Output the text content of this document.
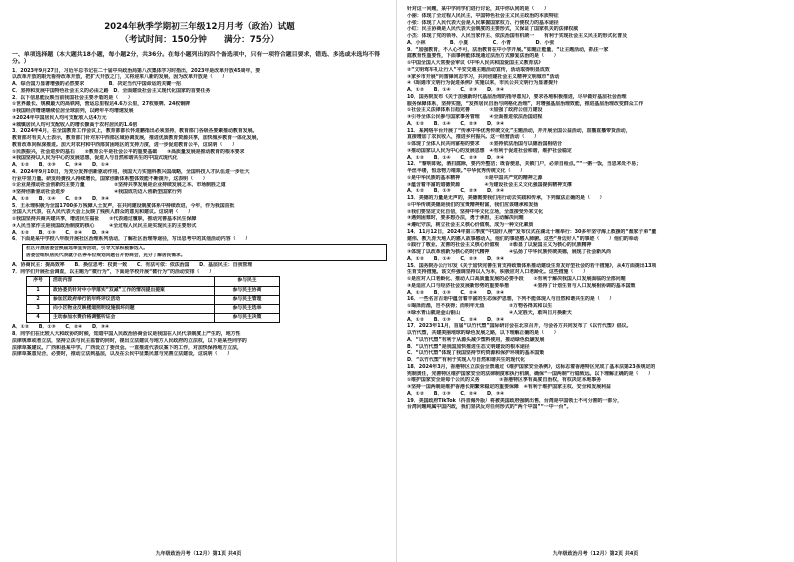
2024年秋季学期初三年级12月月考（政治）试题
（考试时间：150分钟　　满分：75分）
一、单项选择题（本大题共18小题，每小题2分，共36分。在每小题列出的四个备选项中，只有一项符合题目要求，错选、多选或未选均不得分。）
1．2023年9月27日，习近平总书记在二十届中央政治局第八次集体学习时指出，2023年是改革开放45周年，要
以改革开放的眼光看待改革开放，把扩大开放之门，又将迎来八新的发展，因为改革开放是（　　）
A．综合国力显著增强的必然要求　　　　　B．决定当代中国命运的关键一招
C．坚持和发展中国特色社会主义的必由之路　D．全面建设社会主义现代化国家的首要任务
2．以下信息能反映当前我国社会主要矛盾的是（　　）
①世界最长、规模最大的高铁网，营运总里程达4.6万公里，27枚银牌、24枚铜牌
②我国经济增速继续位居全球前列，以跨年平均增速发展
③2024年中国居民人均可支配收入达4万元
④城镇居民人均可支配收入的增长额高于农村居民的1.6倍
3．2024年4月，在全国教育工作会议上，教育部部长怀进鹏指出必须坚持，教育部门各级各要素推动教育发展。
教育部对有关人士表示，教育部门针对东中西部区域协调发展，推进优质教育资源共享，加快城乡教育一体化发展，
教育改革向纵深推进。加大对农村和中西部贫困地区的支持力度，进一步促进教育公平，这说明（　　）
①民族振兴，社会进步的基石　　②教育公平是社会公平的重要基础　　③高质量发展是推动教育的根本要求
④我国坚持以人民为中心的发展思想，促进人与自然和谐共生的中国式现代化
A．①②　　B．②③　　C．③④　　D．①④
4．2024年9月10日，为充分发挥创新驱动作用，我国大力实施科教兴国战略，全国科技人才队伍进一步壮大
行业中坚力量。研发经费投入持续增长，国家创新体系整体效能不断提升，这表明（　　）
①企业是推动社会创新的主要力量　　　　　　②坚持共享发展是企业持续发展之本、市场制胜之道
③坚持创新驱动社会进步　　　　　　　　　　④我国成功迈入创新型国家行列
A．①②　　B．①④　　C．②③　　D．③④
5．王永理积极为全国1700多万残障人士发声，在共同建设制度体系中持续改进，今年，作为我国首批
全国人大代表，在人民代表大会上反映了残疾人群众的意见和建议。这说明（　　）
①我国坚持共商共建共享，增进民生福祉　　②代表通过履职，推动完善基本民生保障
③人民当家作主是我国政治制度的核心　　　④全过程人民民主是实现民主的主要形式
A．①②　　B．①③　　C．②④　　D．③④
6．下面是某中学校八年级开展社区治理系列活动，了解社区治理等途径，写出思考中的其他活动内容（　　）
社区开展居委会换届选举宣传活动，引导大家积极参选人。
居委会组织居民代表就小区停车位规划问题召开协商会，充分了解居民需求。
A．协商民主：提高效率　　B．换位思考：权责一致　　C．有法可依：依法治国　　D．基层民主：自我管理
7．同学们开展社会调查，以主题为“微行为”，下面是学校开展“微行为”的活动安排（　　）
序号	活动内容	参与民主
1	政协委员针对中小学落实“双减”工作的情况提出提案	参与民主协商
2	参加区政府举行的年终评议活动	参与民主管理
3	向小区物业反映楼道照明设施损坏问题	参与民主选举
4	主动参加水费价格调整听证会	参与民主决策
A．①②　　B．①③　　C．②④　　D．③④
8．同学们在比较人大和政协的时候，知道中国人民政治协商会议是我国在人民代表制度上产生的，地方性
法律规章或者立法，坚持立法与民主监督的同时，提出立法建议与地方人民政府的立法权，以下是某些同学的
法律草案建议。广西和县某中学。广西设立了委员会。一直推进代表议案下的工作，对加快保持地方立法，
法律草案意见合，必要时，推动立法到基层，以及在公民中征集民意与完善立法建设，这说明（　　）
九年级政治月考（12月）第1页 共4页
针对这一问题，某中学同学们进行讨论，其中你认同的是（　　）
小丽：体现了全过程人民民主，中国特色社会主义民主政治的本质特征
小张：体现了人民代表大会是人民掌握国家权力、行使权力的基本途径
小红：民主协商是人民代表大会制度的主要形式，又保证了国家机关的法律权威
小杰：体现了党的领导、人民当家作主、依法治国有机统一　　有利于实现社会主义民主的形式化普及
A．小林　　　　　B．小夏　　　　　C．小青　　　　　D．小张
9．“加强教育，不入心不可，法治教育在中小学开展。”如题正能量，“让主题活动，抓住一家
庭教育性重要性，下面事例能体现通过法治方式修复法治的是（　　）
①中国全国人大常委会审议《中华人民共和国爱国主义教育法》
②“文明驾车礼让行人”平安交通主题活动宣传，活动取得明显成效
③家乡市开展“向雷锋同志学习，共同创建社会主义精神文明城市”活动
④《昭通市文明行为促进条例》实施以来，市民公共文明行为显著提升
A．①②　　B．①④　　C．②③　　D．③④
10．国务院发布《关于加强新时代基层治理的指导意见》，要求各地积极推进，尽早做好基层社会治理
服务保障体系，坚持实施，“发挥居民自治与网格化治理”，对增强基层治理效能，推进基层治理改变群众工作
①社会主义法律体系日趋完善　　　　②加强了政府公信力建设
③引导全体公民参与国家事务管理　　④全面推进依法治国进程
A．①②　　B．①④　　C．②③　　D．③④
11．某网络平台开展了“传承中华优秀传统文化”主题活动，并开展全国公益活动，直播直播带货活动，
直接增加了农民收入，推进乡村振兴。这一经营活动（　　）
①体现了全体人民共同富裕的要求　　②坚持依法治国与以德治国相结合
③推动国家以人民为中心的发展思想　④有利于促进社会和谐，维护社会稳定
A．①②　　B．①④　　C．②③　　D．③④
12．“黎明即起，洒扫庭除，要内外整洁；既昏便息，关锁门户，必亲自检点。”“一粥一饭，当思来处不易；
半丝半缕，恒念物力维艰。”中华优秀传统文化（　　）
①是中华民族的基本精神　　　　　②是中国共产党的精神之源
③蕴含着丰富的道德资源　　　　　④为建设社会主义文化强国提供精神支撑
A．①②　　B．①③　　C．②③　　D．③④
13．美德的力量是无声的，美德需要我们用行动去实践和传承，下列做法正确的是（　　）
①中华传统美德是我们的宝贵精神财富，我们应该继承和发扬
②我们要坚定文化自信，坚持中华文化立场，全盘接受外来文化
③遇到困难时，要多想办法，勇于承担，主动解决问题
④遵纪守法，树立社会主义核心价值观，成为一种文化素质
14．11月12日，2024年第三季度“中国好人榜”发布仪式在湖北十堰举行：30多年坚守海上救援的“渔家子弟”董
建伟、教九育天地人的感人故事感动人，他们的事迹感人肺腑。这些“身边好人”的事迹（　　）他们的举动
①践行了敬业、友善的社会主义核心价值观　　②彰显了以爱国主义为核心的民族精神
③体现了以改革创新为核心的时代精神　　　　④弘扬了中华民族传统美德，展现了社会新风尚
A．①②　　B．①④　　C．②③　　D．③④
15．国务院办公厅印发《关于加快完善生育支持政策体系推动建设生育友好型社会的若干措施》，从4方面提出13项
生育支持措施。该文件强调坚持以人为本，积极应对人口老龄化。这些措施（　　）
①是应对人口老龄化、推动人口高质量发展的必要手段　　②有利于解决我国人口发展面临的全部问题
③是适应人口与经济社会发展新形势的重要举措　　　　　④坚持了计划生育与人口发展相协调的基本国策
A．①②　　B．①③　　C．②④　　D．③④
16．一些名言古语中蕴含着丰富的生态保护思想，下列不能体现人与自然和谐共生的是（　　）
①竭泽而渔，岂不获得；而明年无鱼　　　　　②万物各得其和以生
③绿水青山就是金山银山　　　　　　　　　　④人定胜天，敢叫日月换新天
A．①②　　B．①③　　C．②④　　D．③④
17．2023年11月，首届“以竹代塑”国际研讨会在北京召开，与会各方共同发布了《以竹代塑》倡议。
以竹代塑，共建美丽地球的绿色发展之路，以下理解正确的是（　　）
A．“以竹代塑”有利于从源头减少塑料使用，推动绿色低碳发展
B．“以竹代塑”是我国加快推进生态文明建设的根本途径
C．“以竹代塑”体现了我国坚持节约资源和保护环境的基本国策
D．“以竹代塑”有利于实现人与自然和谐共生的现代化
18．2024年3月，香港特区立法会全票通过《维护国家安全条例》，这标志着香港特区完成了基本法第23条规定的
宪制责任，完善特区维护国家安全的法律制度和执行机制，确保“一国两制”行稳致远。以下理解正确的是（　　）
①维护国家安全是每个公民的义务　　　　②香港特区享有高度自治权，有权决定本地事务
③坚持一国两制是维护香港长期繁荣稳定的重要保障　④有利于维护国家主权、安全和发展利益
A．①②　　B．①③　　C．②④　　D．③④
19．美国政府TikTok（抖音海外版）将被美国政府强制出售，台湾是中国领土不可分割的一部分，
台湾问题纯属中国内政，我们坚决反对任何形式的“两个中国”“一中一台”。
九年级政治月考（12月）第2页 共4页
